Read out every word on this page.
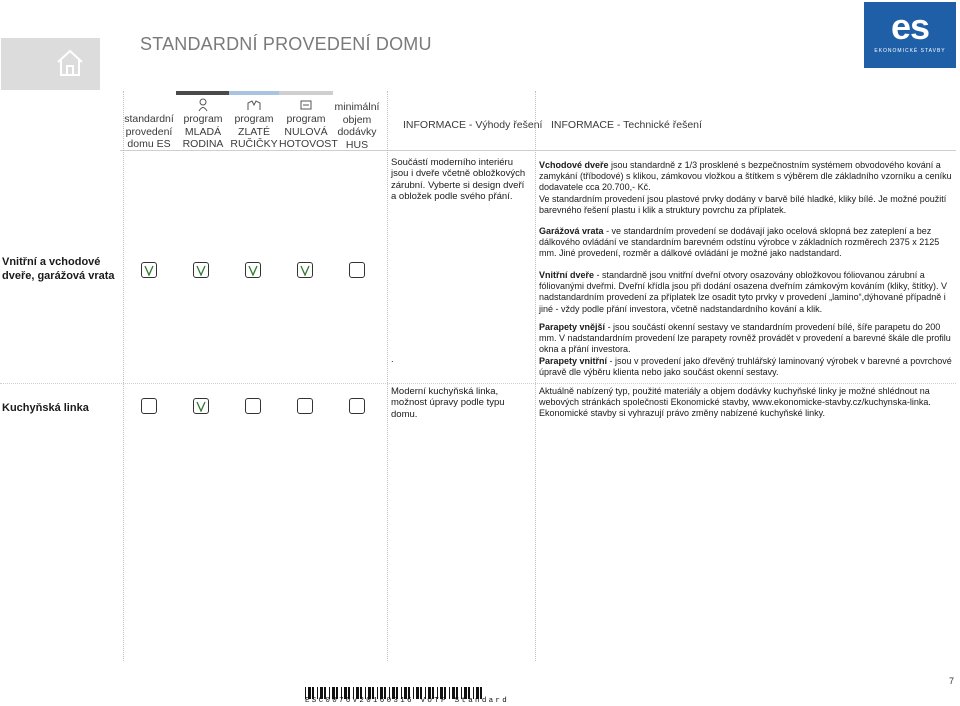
STANDARDNÍ PROVEDENÍ DOMU	es
EKONOMICKÉ STAVBY
standardní provedení domu ES
program MLADÁ RODINA
program ZLATÉ RUČIČKY
program NULOVÁ HOTOVOST
minimální objem dodávky HUS
INFORMACE - Výhody řešení INFORMACE - Technické řešení
Vnitřní a vchodové dveře, garážová vrata
Součástí moderního interiéru jsou i dveře včetně obložkových zárubní. Vyberte si design dveří a obložek podle svého přání.
.

Vchodové dveře jsou standardně z 1/3 prosklené s bezpečnostním systémem obvodového kování a zamykání (tříbodové) s klikou, zámkovou vložkou a štítkem s výběrem dle základního vzorníku a ceníku dodavatele cca 20.700,- Kč.

Ve standardním provedení jsou plastové prvky dodány v barvě bílé hladké, kliky bílé. Je možné použití barevného řešení plastu i klik a struktury povrchu za příplatek.

Garážová vrata - ve standardním provedení se dodávají jako ocelová sklopná bez zateplení a bez dálkového ovládání ve standardním barevném odstínu výrobce v základních rozměrech 2375 x 2125 mm. Jiné provedení, rozměr a dálkové ovládání je možné jako nadstandard.

Vnitřní dveře - standardně jsou vnitřní dveřní otvory osazovány obložkovou fóliovanou zárubní a fóliovanými dveřmi. Dveřní křídla jsou při dodání osazena dveřním zámkovým kováním (kliky, štítky). V nadstandardním provedení za příplatek lze osadit tyto prvky v provedení „lamino“,dýhované případně i jiné - vždy podle přání investora, včetně nadstandardního kování a klik.

Parapety vnější - jsou součástí okenní sestavy ve standardním provedení bílé, šíře parapetu do 200 mm. V nadstandardním provedení lze parapety rovněž provádět v provedení a barevné škále dle profilu okna a přání investora.

Parapety vnitřní - jsou v provedení jako dřevěný truhlářský laminovaný výrobek v barevné a povrchové úpravě dle výběru klienta nebo jako součást okenní sestavy.

Kuchyňská linka
Moderní kuchyňská linka, možnost úpravy podle typu domu.
Aktuálně nabízený typ, použité materiály a objem dodávky kuchyňské linky je možné shlédnout na webových stránkách společnosti Ekonomické stavby, www.ekonomicke-stavby.cz/kuchynska-linka. Ekonomické stavby si vyhrazují právo změny nabízené kuchyňské linky.
7
ESC0076V20160316 VOTP Standard
